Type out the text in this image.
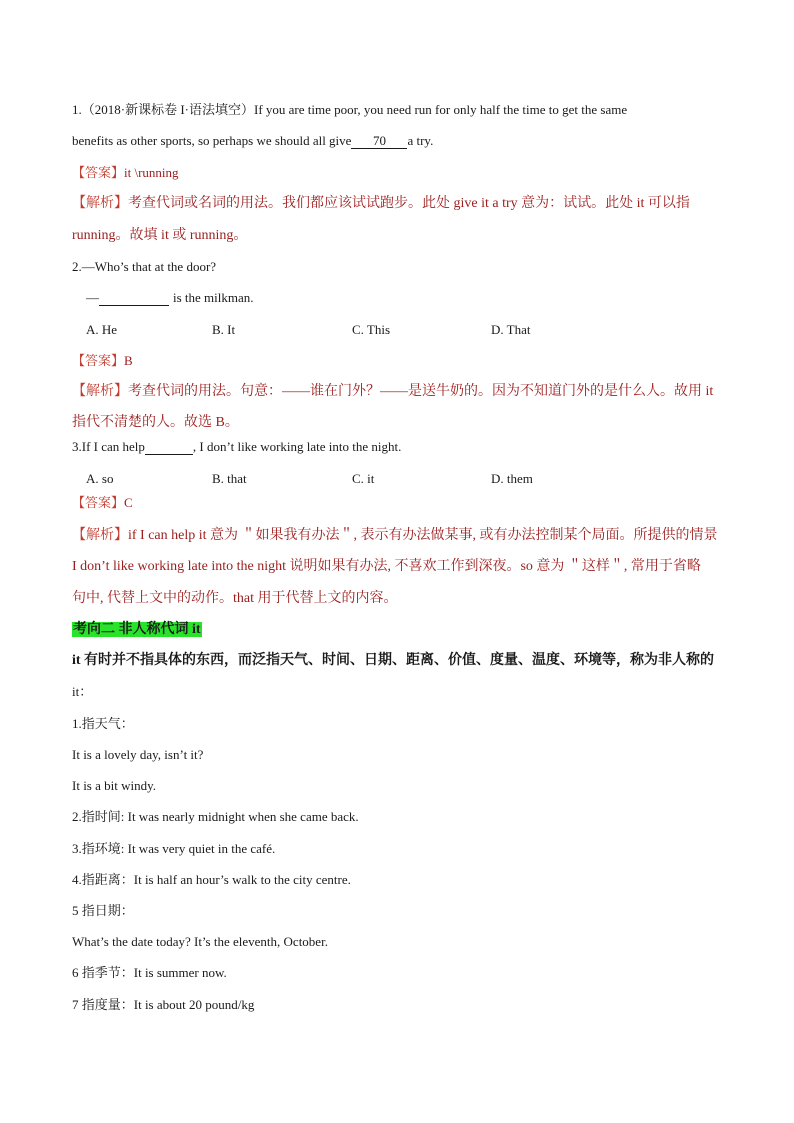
1.（2018·新课标卷 I·语法填空）If you are time poor, you need run for only half the time to get the same
benefits as other sports, so perhaps we should all give 70 a try.
【答案】it \running
【解析】考查代词或名词的用法。我们都应该试试跑步。此处 give it a try 意为：试试。此处 it 可以指
running。故填 it 或 running。
2.—Who’s that at the door?
—	is the milkman.
A. He	B. It	C. This	D. That
【答案】B
【解析】考查代词的用法。句意：——谁在门外？——是送牛奶的。因为不知道门外的是什么人。故用 it
指代不清楚的人。故选 B。
3.If I can help	, I don’t like working late into the night.
A. so	B. that	C. it	D. them
【答案】C
【解析】if I can help it 意为 ＂如果我有办法＂, 表示有办法做某事, 或有办法控制某个局面。所提供的情景
I don’t like working late into the night 说明如果有办法, 不喜欢工作到深夜。so 意为 ＂这样＂, 常用于省略
句中, 代替上文中的动作。that 用于代替上文的内容。
考向二 非人称代词 it
it 有时并不指具体的东西，而泛指天气、时间、日期、距离、价值、度量、温度、环境等，称为非人称的
it：
1.指天气：
It is a lovely day, isn’t it?
It is a bit windy.
2.指时间: It was nearly midnight when she came back.
3.指环境: It was very quiet in the café.
4.指距离：It is half an hour’s walk to the city centre.
5 指日期：
What’s the date today? It’s the eleventh, October.
6 指季节：It is summer now.
7 指度量：It is about 20 pound/kg
